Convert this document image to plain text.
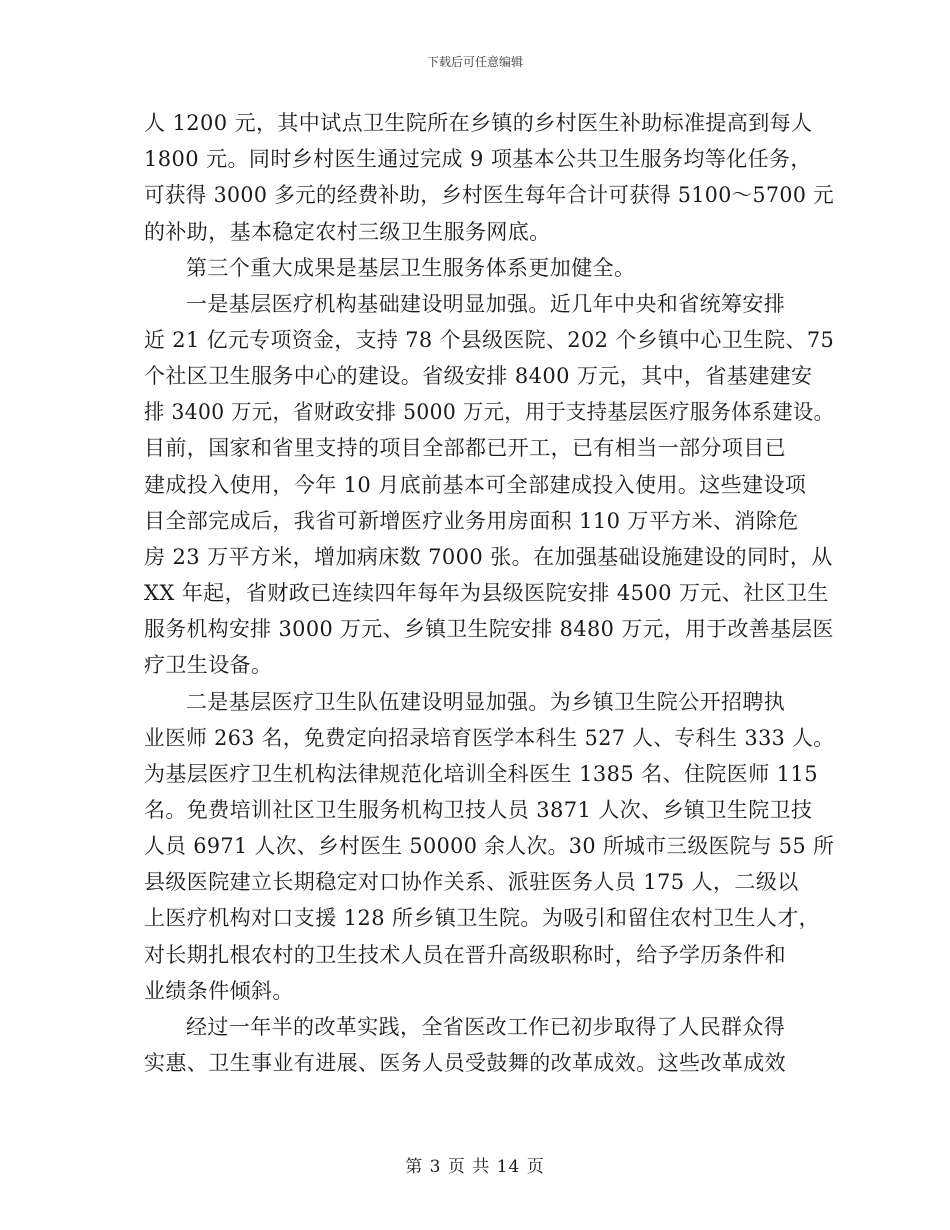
下载后可任意编辑
人 1200 元，其中试点卫生院所在乡镇的乡村医生补助标准提高到每人
1800 元。同时乡村医生通过完成 9 项基本公共卫生服务均等化任务，
可获得 3000 多元的经费补助，乡村医生每年合计可获得 5100～5700 元
的补助，基本稳定农村三级卫生服务网底。
第三个重大成果是基层卫生服务体系更加健全。
一是基层医疗机构基础建设明显加强。近几年中央和省统筹安排
近 21 亿元专项资金，支持 78 个县级医院、202 个乡镇中心卫生院、75
个社区卫生服务中心的建设。省级安排 8400 万元，其中，省基建建安
排 3400 万元，省财政安排 5000 万元，用于支持基层医疗服务体系建设。
目前，国家和省里支持的项目全部都已开工，已有相当一部分项目已
建成投入使用，今年 10 月底前基本可全部建成投入使用。这些建设项
目全部完成后，我省可新增医疗业务用房面积 110 万平方米、消除危
房 23 万平方米，增加病床数 7000 张。在加强基础设施建设的同时，从
XX 年起，省财政已连续四年每年为县级医院安排 4500 万元、社区卫生
服务机构安排 3000 万元、乡镇卫生院安排 8480 万元，用于改善基层医
疗卫生设备。
二是基层医疗卫生队伍建设明显加强。为乡镇卫生院公开招聘执
业医师 263 名，免费定向招录培育医学本科生 527 人、专科生 333 人。
为基层医疗卫生机构法律规范化培训全科医生 1385 名、住院医师 115
名。免费培训社区卫生服务机构卫技人员 3871 人次、乡镇卫生院卫技
人员 6971 人次、乡村医生 50000 余人次。30 所城市三级医院与 55 所
县级医院建立长期稳定对口协作关系、派驻医务人员 175 人，二级以
上医疗机构对口支援 128 所乡镇卫生院。为吸引和留住农村卫生人才，
对长期扎根农村的卫生技术人员在晋升高级职称时，给予学历条件和
业绩条件倾斜。
经过一年半的改革实践，全省医改工作已初步取得了人民群众得
实惠、卫生事业有进展、医务人员受鼓舞的改革成效。这些改革成效
第 3 页 共 14 页
